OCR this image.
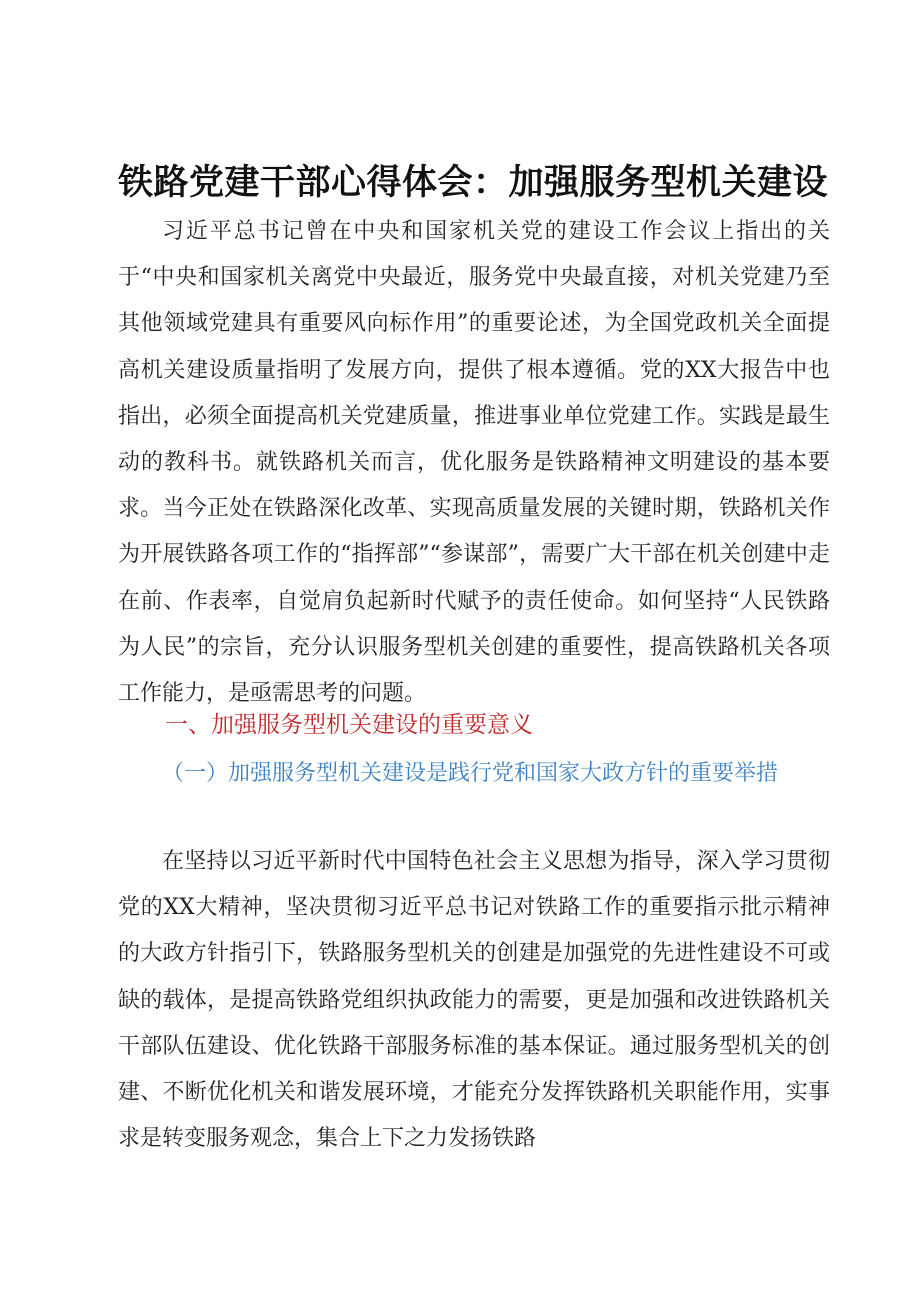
铁路党建干部心得体会：加强服务型机关建设

习近平总书记曾在中央和国家机关党的建设工作会议上指出的关于“中央和国家机关离党中央最近，服务党中央最直接，对机关党建乃至其他领域党建具有重要风向标作用”的重要论述，为全国党政机关全面提高机关建设质量指明了发展方向，提供了根本遵循。党的XX大报告中也指出，必须全面提高机关党建质量，推进事业单位党建工作。实践是最生动的教科书。就铁路机关而言，优化服务是铁路精神文明建设的基本要求。当今正处在铁路深化改革、实现高质量发展的关键时期，铁路机关作为开展铁路各项工作的“指挥部”“参谋部”，需要广大干部在机关创建中走在前、作表率，自觉肩负起新时代赋予的责任使命。如何坚持“人民铁路为人民”的宗旨，充分认识服务型机关创建的重要性，提高铁路机关各项工作能力，是亟需思考的问题。

一、加强服务型机关建设的重要意义

（一）加强服务型机关建设是践行党和国家大政方针的重要举措

在坚持以习近平新时代中国特色社会主义思想为指导，深入学习贯彻党的XX大精神，坚决贯彻习近平总书记对铁路工作的重要指示批示精神的大政方针指引下，铁路服务型机关的创建是加强党的先进性建设不可或缺的载体，是提高铁路党组织执政能力的需要，更是加强和改进铁路机关干部队伍建设、优化铁路干部服务标准的基本保证。通过服务型机关的创建、不断优化机关和谐发展环境，才能充分发挥铁路机关职能作用，实事求是转变服务观念，集合上下之力发扬铁路
